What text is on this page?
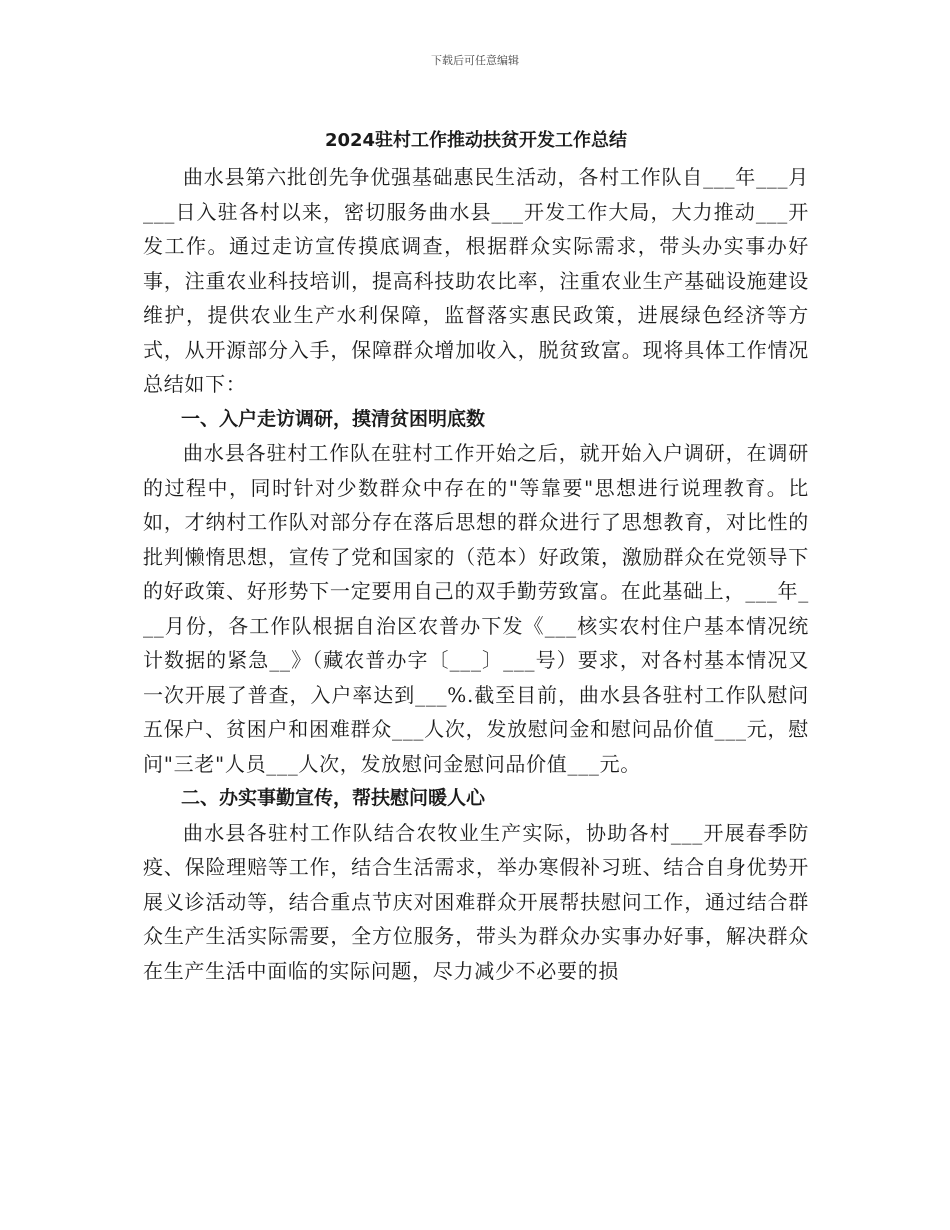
下载后可任意编辑
2024驻村工作推动扶贫开发工作总结

曲水县第六批创先争优强基础惠民生活动，各村工作队自___年___月___日入驻各村以来，密切服务曲水县___开发工作大局，大力推动___开发工作。通过走访宣传摸底调查，根据群众实际需求，带头办实事办好事，注重农业科技培训，提高科技助农比率，注重农业生产基础设施建设维护，提供农业生产水利保障，监督落实惠民政策，进展绿色经济等方式，从开源部分入手，保障群众增加收入，脱贫致富。现将具体工作情况总结如下：

一、入户走访调研，摸清贫困明底数

曲水县各驻村工作队在驻村工作开始之后，就开始入户调研，在调研的过程中，同时针对少数群众中存在的"等靠要"思想进行说理教育。比如，才纳村工作队对部分存在落后思想的群众进行了思想教育，对比性的批判懒惰思想，宣传了党和国家的（范本）好政策，激励群众在党领导下的好政策、好形势下一定要用自己的双手勤劳致富。在此基础上，___年___月份，各工作队根据自治区农普办下发《___核实农村住户基本情况统计数据的紧急__》（藏农普办字〔___〕___号）要求，对各村基本情况又一次开展了普查，入户率达到___%.截至目前，曲水县各驻村工作队慰问五保户、贫困户和困难群众___人次，发放慰问金和慰问品价值___元，慰问"三老"人员___人次，发放慰问金慰问品价值___元。

二、办实事勤宣传，帮扶慰问暖人心

曲水县各驻村工作队结合农牧业生产实际，协助各村___开展春季防疫、保险理赔等工作，结合生活需求，举办寒假补习班、结合自身优势开展义诊活动等，结合重点节庆对困难群众开展帮扶慰问工作，通过结合群众生产生活实际需要，全方位服务，带头为群众办实事办好事，解决群众在生产生活中面临的实际问题，尽力减少不必要的损
